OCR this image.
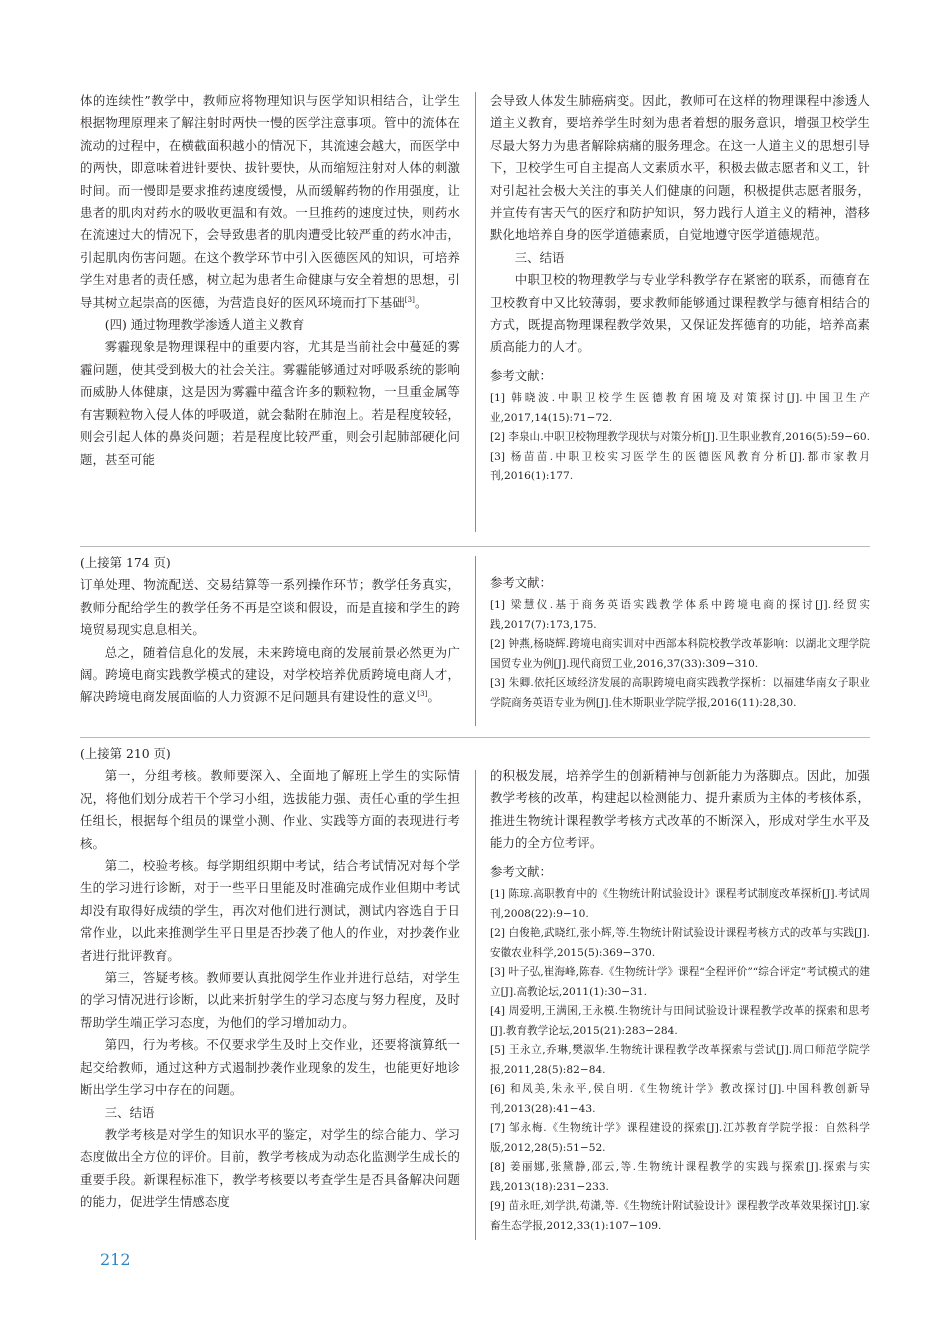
体的连续性”教学中，教师应将物理知识与医学知识相结合，让学生根据物理原理来了解注射时两快一慢的医学注意事项。管中的流体在流动的过程中，在横截面积越小的情况下，其流速会越大，而医学中的两快，即意味着进针要快、拔针要快，从而缩短注射对人体的刺激时间。而一慢即是要求推药速度缓慢，从而缓解药物的作用强度，让患者的肌肉对药水的吸收更温和有效。一旦推药的速度过快，则药水在流速过大的情况下，会导致患者的肌肉遭受比较严重的药水冲击，引起肌肉伤害问题。在这个教学环节中引入医德医风的知识，可培养学生对患者的责任感，树立起为患者生命健康与安全着想的思想，引导其树立起崇高的医德，为营造良好的医风环境而打下基础[3]。

(四) 通过物理教学渗透人道主义教育

雾霾现象是物理课程中的重要内容，尤其是当前社会中蔓延的雾霾问题，使其受到极大的社会关注。雾霾能够通过对呼吸系统的影响而威胁人体健康，这是因为雾霾中蕴含许多的颗粒物，一旦重金属等有害颗粒物入侵人体的呼吸道，就会黏附在肺泡上。若是程度较轻，则会引起人体的鼻炎问题；若是程度比较严重，则会引起肺部硬化问题，甚至可能

会导致人体发生肺癌病变。因此，教师可在这样的物理课程中渗透人道主义教育，要培养学生时刻为患者着想的服务意识，增强卫校学生尽最大努力为患者解除病痛的服务理念。在这一人道主义的思想引导下，卫校学生可自主提高人文素质水平，积极去做志愿者和义工，针对引起社会极大关注的事关人们健康的问题，积极提供志愿者服务，并宣传有害天气的医疗和防护知识，努力践行人道主义的精神，潜移默化地培养自身的医学道德素质，自觉地遵守医学道德规范。

三、结语

中职卫校的物理教学与专业学科教学存在紧密的联系，而德育在卫校教育中又比较薄弱，要求教师能够通过课程教学与德育相结合的方式，既提高物理课程教学效果，又保证发挥德育的功能，培养高素质高能力的人才。

参考文献：

[1] 韩晓波.中职卫校学生医德教育困境及对策探讨[J].中国卫生产业,2017,14(15):71−72.

[2] 李泉山.中职卫校物理教学现状与对策分析[J].卫生职业教育,2016(5):59−60.

[3] 杨苗苗.中职卫校实习医学生的医德医风教育分析[J].都市家教月刊,2016(1):177.

(上接第 174 页)

订单处理、物流配送、交易结算等一系列操作环节；教学任务真实，教师分配给学生的教学任务不再是空谈和假设，而是直接和学生的跨境贸易现实息息相关。

总之，随着信息化的发展，未来跨境电商的发展前景必然更为广阔。跨境电商实践教学模式的建设，对学校培养优质跨境电商人才，解决跨境电商发展面临的人力资源不足问题具有建设性的意义[3]。

参考文献：

[1] 梁慧仪.基于商务英语实践教学体系中跨境电商的探讨[J].经贸实践,2017(7):173,175.

[2] 钟燕,杨晓辉.跨境电商实训对中西部本科院校教学改革影响：以湖北文理学院国贸专业为例[J].现代商贸工业,2016,37(33):309−310.

[3] 朱卿.依托区域经济发展的高职跨境电商实践教学探析：以福建华南女子职业学院商务英语专业为例[J].佳木斯职业学院学报,2016(11):28,30.

(上接第 210 页)

第一，分组考核。教师要深入、全面地了解班上学生的实际情况，将他们划分成若干个学习小组，选拔能力强、责任心重的学生担任组长，根据每个组员的课堂小测、作业、实践等方面的表现进行考核。

第二，校验考核。每学期组织期中考试，结合考试情况对每个学生的学习进行诊断，对于一些平日里能及时准确完成作业但期中考试却没有取得好成绩的学生，再次对他们进行测试，测试内容选自于日常作业，以此来推测学生平日里是否抄袭了他人的作业，对抄袭作业者进行批评教育。

第三，答疑考核。教师要认真批阅学生作业并进行总结，对学生的学习情况进行诊断，以此来折射学生的学习态度与努力程度，及时帮助学生端正学习态度，为他们的学习增加动力。

第四，行为考核。不仅要求学生及时上交作业，还要将演算纸一起交给教师，通过这种方式遏制抄袭作业现象的发生，也能更好地诊断出学生学习中存在的问题。

三、结语

教学考核是对学生的知识水平的鉴定，对学生的综合能力、学习态度做出全方位的评价。目前，教学考核成为动态化监测学生成长的重要手段。新课程标准下，教学考核要以考查学生是否具备解决问题的能力，促进学生情感态度

的积极发展，培养学生的创新精神与创新能力为落脚点。因此，加强教学考核的改革，构建起以检测能力、提升素质为主体的考核体系，推进生物统计课程教学考核方式改革的不断深入，形成对学生水平及能力的全方位考评。

参考文献：

[1] 陈琼.高职教育中的《生物统计附试验设计》课程考试制度改革探析[J].考试周刊,2008(22):9−10.

[2] 白俊艳,武晓红,张小辉,等.生物统计附试验设计课程考核方式的改革与实践[J].安徽农业科学,2015(5):369−370.

[3] 叶子弘,崔海峰,陈春.《生物统计学》课程“全程评价”“综合评定”考试模式的建立[J].高教论坛,2011(1):30−31.

[4] 周爱明,王满囷,王永模.生物统计与田间试验设计课程教学改革的探索和思考[J].教育教学论坛,2015(21):283−284.

[5] 王永立,乔琳,樊淑华.生物统计课程教学改革探索与尝试[J].周口师范学院学报,2011,28(5):82−84.

[6] 和凤美,朱永平,侯自明.《生物统计学》教改探讨[J].中国科教创新导刊,2013(28):41−43.

[7] 邹永梅.《生物统计学》课程建设的探索[J].江苏教育学院学报：自然科学版,2012,28(5):51−52.

[8] 姜丽娜,张黛静,邵云,等.生物统计课程教学的实践与探索[J].探索与实践,2013(18):231−233.

[9] 苗永旺,刘学洪,苟潇,等.《生物统计附试验设计》课程教学改革效果探讨[J].家畜生态学报,2012,33(1):107−109.

212
